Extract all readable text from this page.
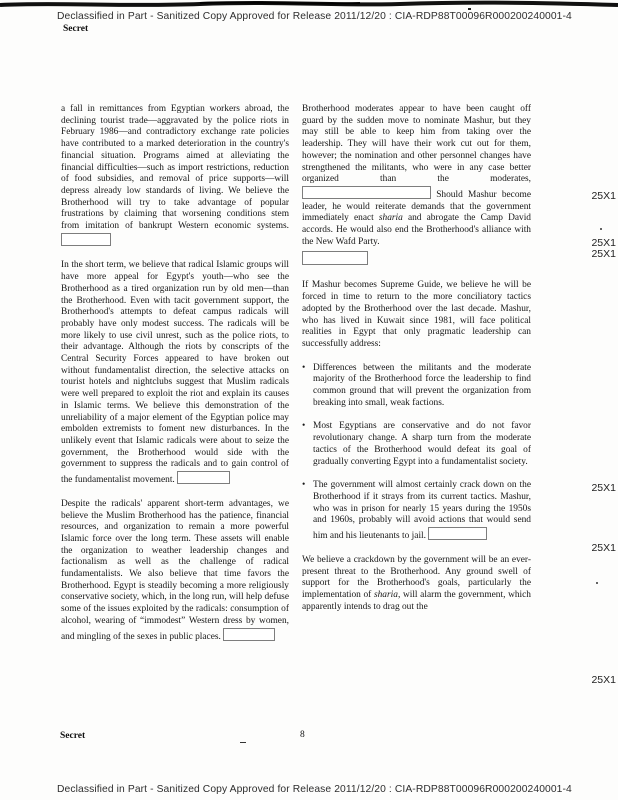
Declassified in Part - Sanitized Copy Approved for Release 2011/12/20 : CIA-RDP88T00096R000200240001-4
Secret

a fall in remittances from Egyptian workers abroad, the declining tourist trade—aggravated by the police riots in February 1986—and contradictory exchange rate policies have contributed to a marked deterioration in the country's financial situation. Programs aimed at alleviating the financial difficulties—such as import restrictions, reduction of food subsidies, and removal of price supports—will depress already low standards of living. We believe the Brotherhood will try to take advantage of popular frustrations by claiming that worsening conditions stem from imitation of bankrupt Western economic systems.

In the short term, we believe that radical Islamic groups will have more appeal for Egypt's youth—who see the Brotherhood as a tired organization run by old men—than the Brotherhood. Even with tacit government support, the Brotherhood's attempts to defeat campus radicals will probably have only modest success. The radicals will be more likely to use civil unrest, such as the police riots, to their advantage. Although the riots by conscripts of the Central Security Forces appeared to have broken out without fundamentalist direction, the selective attacks on tourist hotels and nightclubs suggest that Muslim radicals were well prepared to exploit the riot and explain its causes in Islamic terms. We believe this demonstration of the unreliability of a major element of the Egyptian police may embolden extremists to foment new disturbances. In the unlikely event that Islamic radicals were about to seize the government, the Brotherhood would side with the government to suppress the radicals and to gain control of the fundamentalist movement.

Despite the radicals' apparent short-term advantages, we believe the Muslim Brotherhood has the patience, financial resources, and organization to remain a more powerful Islamic force over the long term. These assets will enable the organization to weather leadership changes and factionalism as well as the challenge of radical fundamentalists. We also believe that time favors the Brotherhood. Egypt is steadily becoming a more religiously conservative society, which, in the long run, will help defuse some of the issues exploited by the radicals: consumption of alcohol, wearing of “immodest” Western dress by women, and mingling of the sexes in public places.

Brotherhood moderates appear to have been caught off guard by the sudden move to nominate Mashur, but they may still be able to keep him from taking over the leadership. They will have their work cut out for them, however; the nomination and other personnel changes have strengthened the militants, who were in any case better organized than the moderates,  Should Mashur become leader, he would reiterate demands that the government immediately enact sharia and abrogate the Camp David accords. He would also end the Brotherhood's alliance with the New Wafd Party.

If Mashur becomes Supreme Guide, we believe he will be forced in time to return to the more conciliatory tactics adopted by the Brotherhood over the last decade. Mashur, who has lived in Kuwait since 1981, will face political realities in Egypt that only pragmatic leadership can successfully address:

• Differences between the militants and the moderate majority of the Brotherhood force the leadership to find common ground that will prevent the organization from breaking into small, weak factions.

• Most Egyptians are conservative and do not favor revolutionary change. A sharp turn from the moderate tactics of the Brotherhood would defeat its goal of gradually converting Egypt into a fundamentalist society.

• The government will almost certainly crack down on the Brotherhood if it strays from its current tactics. Mashur, who was in prison for nearly 15 years during the 1950s and 1960s, probably will avoid actions that would send him and his lieutenants to jail.

We believe a crackdown by the government will be an ever-present threat to the Brotherhood. Any ground swell of support for the Brotherhood's goals, particularly the implementation of sharia, will alarm the government, which apparently intends to drag out the

25X1
25X1
25X1
25X1
25X1
25X1
Secret	8
Declassified in Part - Sanitized Copy Approved for Release 2011/12/20 : CIA-RDP88T00096R000200240001-4
